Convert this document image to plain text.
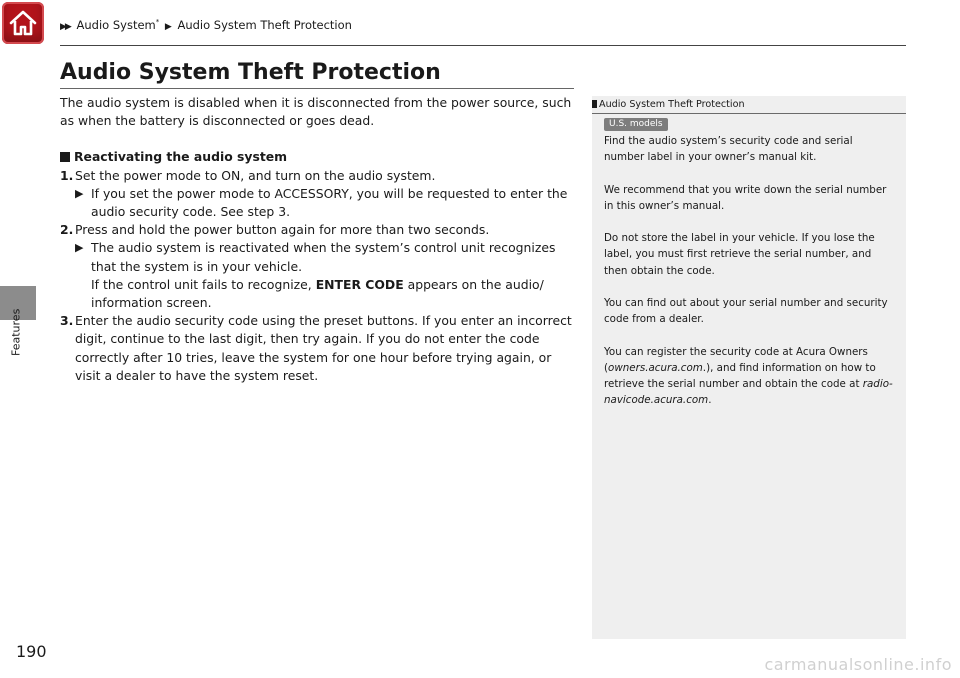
▶▶ Audio System* ▶ Audio System Theft Protection
Features
190
Audio System Theft Protection

The audio system is disabled when it is disconnected from the power source, such as when the battery is disconnected or goes dead.

Reactivating the audio system

1. Set the power mode to ON, and turn on the audio system.

▶ If you set the power mode to ACCESSORY, you will be requested to enter the audio security code. See step 3.

2. Press and hold the power button again for more than two seconds.

▶ The audio system is reactivated when the system’s control unit recognizes that the system is in your vehicle.

If the control unit fails to recognize, ENTER CODE appears on the audio/ information screen.

3. Enter the audio security code using the preset buttons. If you enter an incorrect digit, continue to the last digit, then try again. If you do not enter the code correctly after 10 tries, leave the system for one hour before trying again, or visit a dealer to have the system reset.

Audio System Theft Protection
U.S. models

Find the audio system’s security code and serial number label in your owner’s manual kit.

We recommend that you write down the serial number in this owner’s manual.

Do not store the label in your vehicle. If you lose the label, you must first retrieve the serial number, and then obtain the code.

You can find out about your serial number and security code from a dealer.

You can register the security code at Acura Owners (owners.acura.com.), and find information on how to retrieve the serial number and obtain the code at radio-navicode.acura.com.

carmanualsonline.info
